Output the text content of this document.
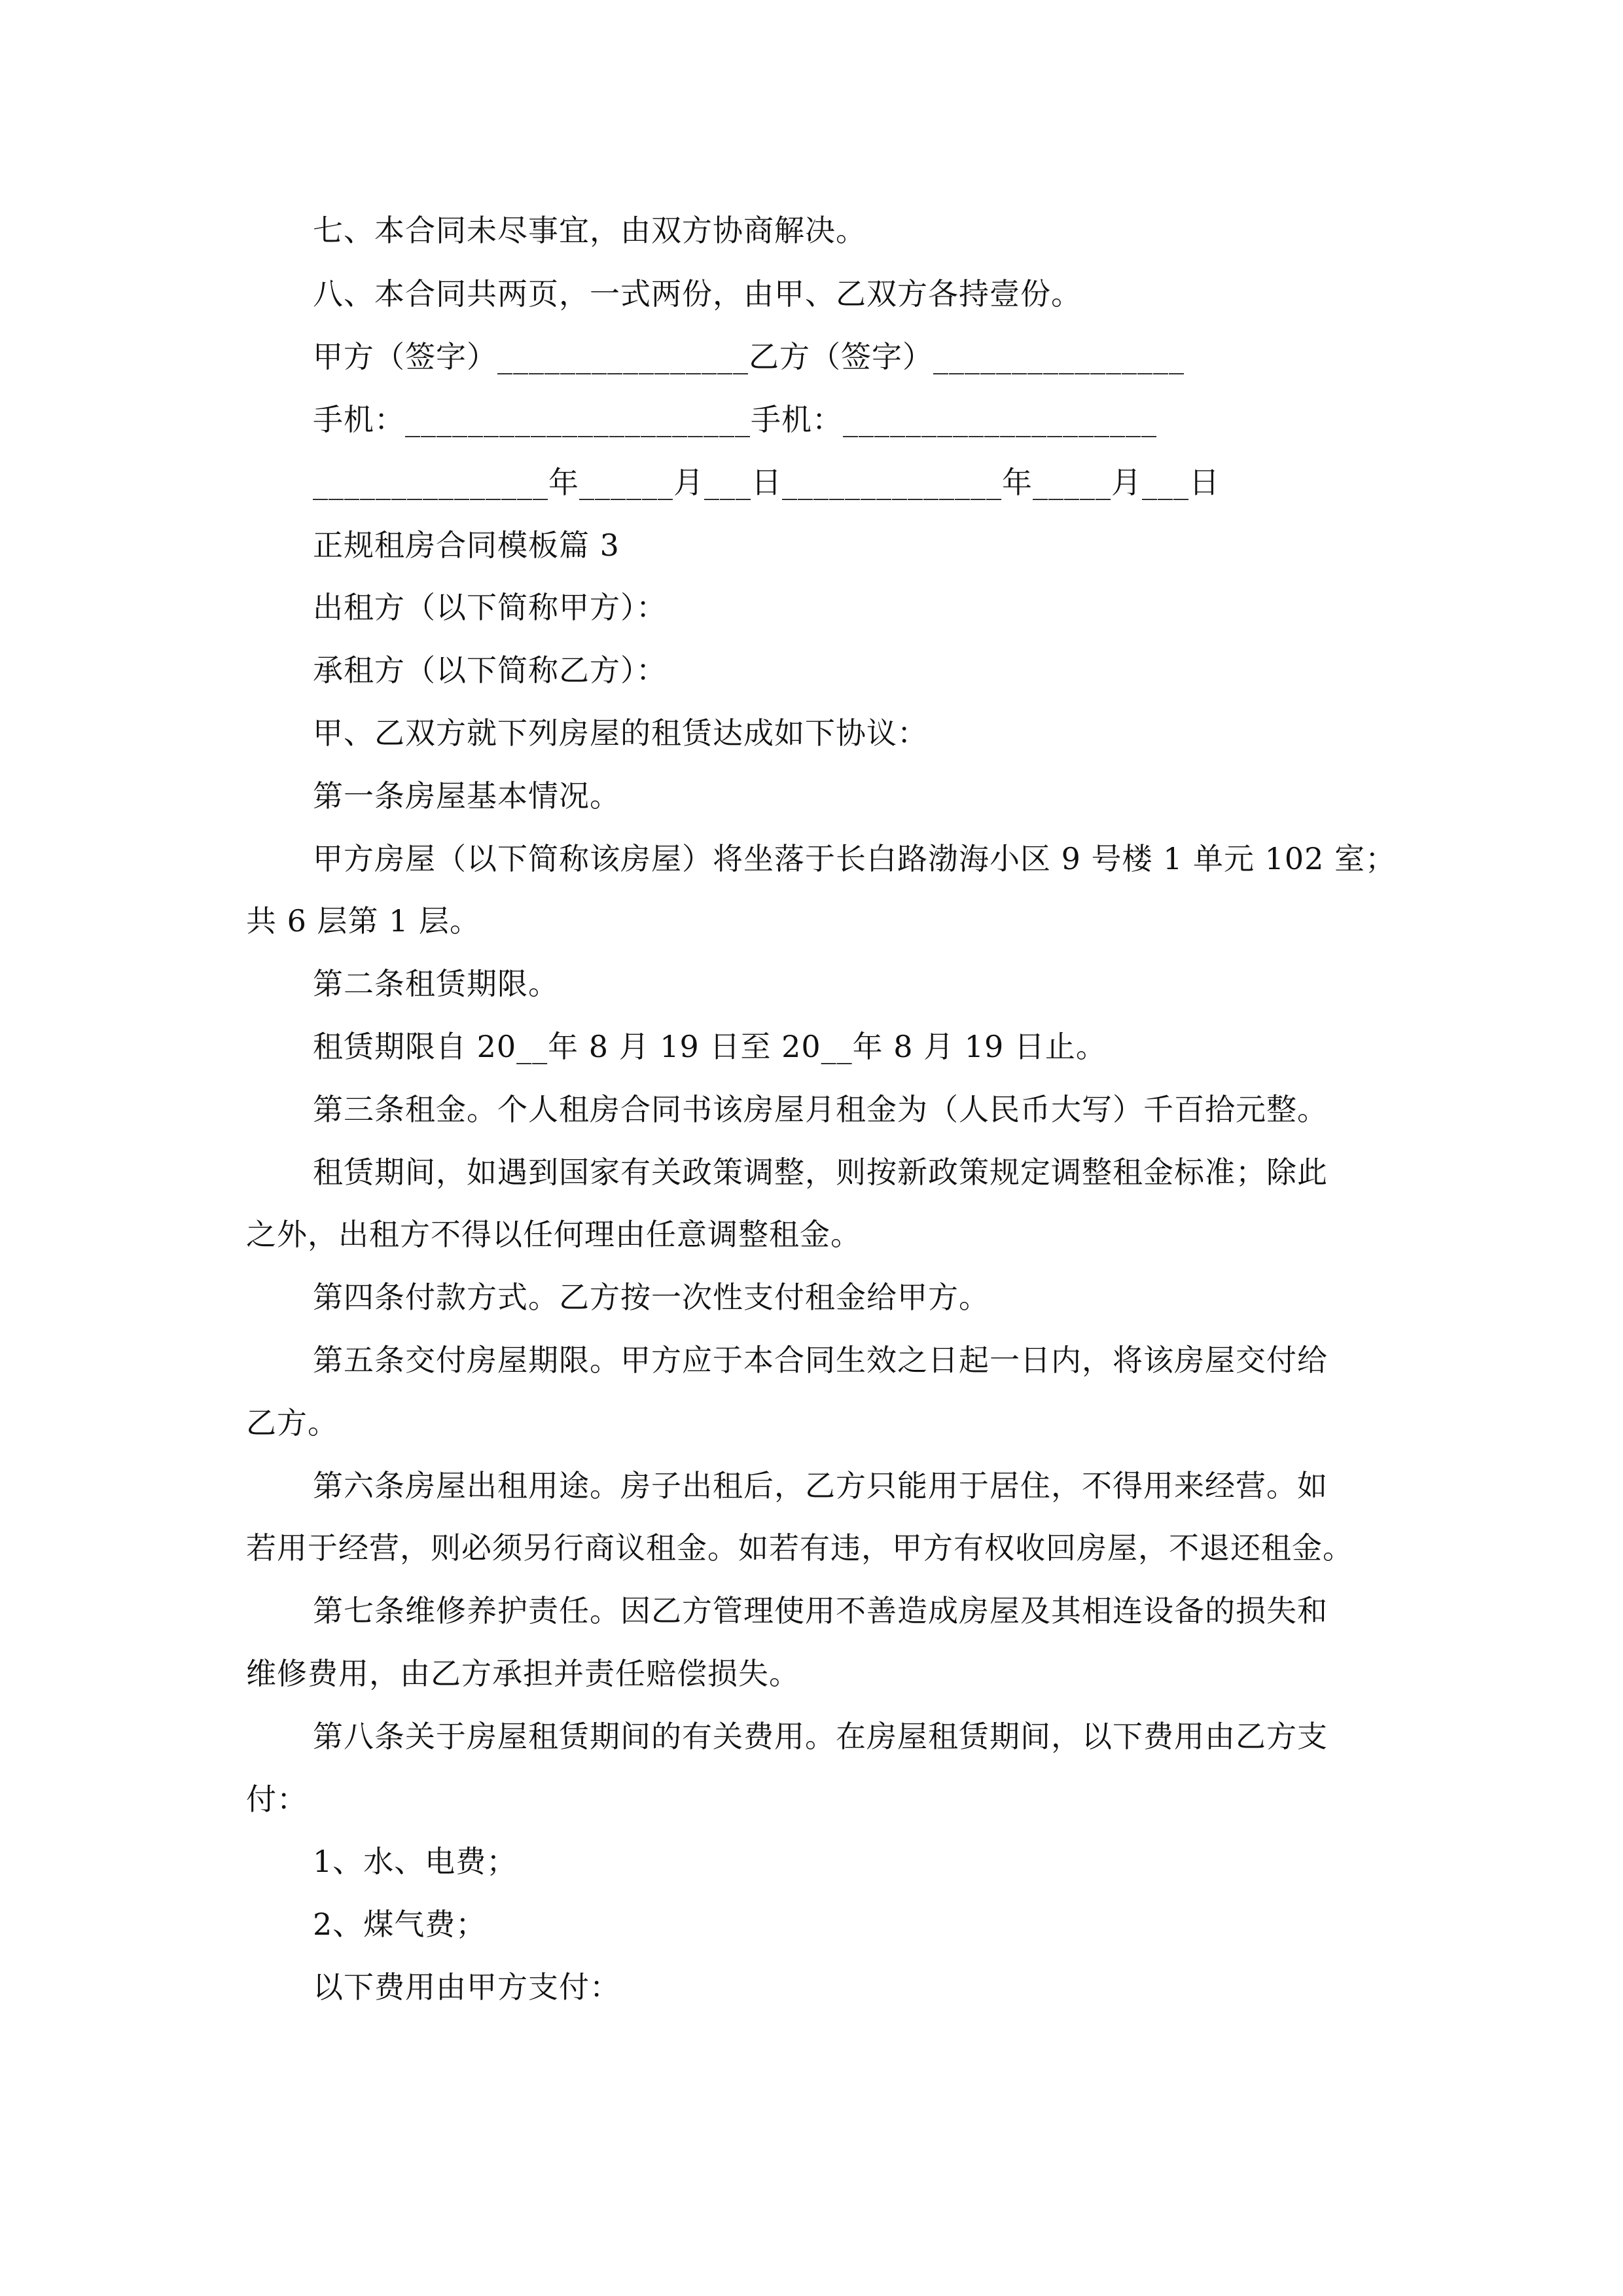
七、本合同未尽事宜，由双方协商解决。

八、本合同共两页，一式两份，由甲、乙双方各持壹份。

甲方（签字）________________乙方（签字）________________

手机：______________________手机：____________________

_______________年______月___日______________年_____月___日

正规租房合同模板篇 3

出租方（以下简称甲方）：

承租方（以下简称乙方）：

甲、乙双方就下列房屋的租赁达成如下协议：

第一条房屋基本情况。

甲方房屋（以下简称该房屋）将坐落于长白路渤海小区 9 号楼 1 单元 102 室；

共 6 层第 1 层。

第二条租赁期限。

租赁期限自 20__年 8 月 19 日至 20__年 8 月 19 日止。

第三条租金。个人租房合同书该房屋月租金为（人民币大写）千百拾元整。

租赁期间，如遇到国家有关政策调整，则按新政策规定调整租金标准；除此

之外，出租方不得以任何理由任意调整租金。

第四条付款方式。乙方按一次性支付租金给甲方。

第五条交付房屋期限。甲方应于本合同生效之日起一日内，将该房屋交付给

乙方。

第六条房屋出租用途。房子出租后，乙方只能用于居住，不得用来经营。如

若用于经营，则必须另行商议租金。如若有违，甲方有权收回房屋，不退还租金。

第七条维修养护责任。因乙方管理使用不善造成房屋及其相连设备的损失和

维修费用，由乙方承担并责任赔偿损失。

第八条关于房屋租赁期间的有关费用。在房屋租赁期间，以下费用由乙方支

付：

1、水、电费；

2、煤气费；

以下费用由甲方支付：
